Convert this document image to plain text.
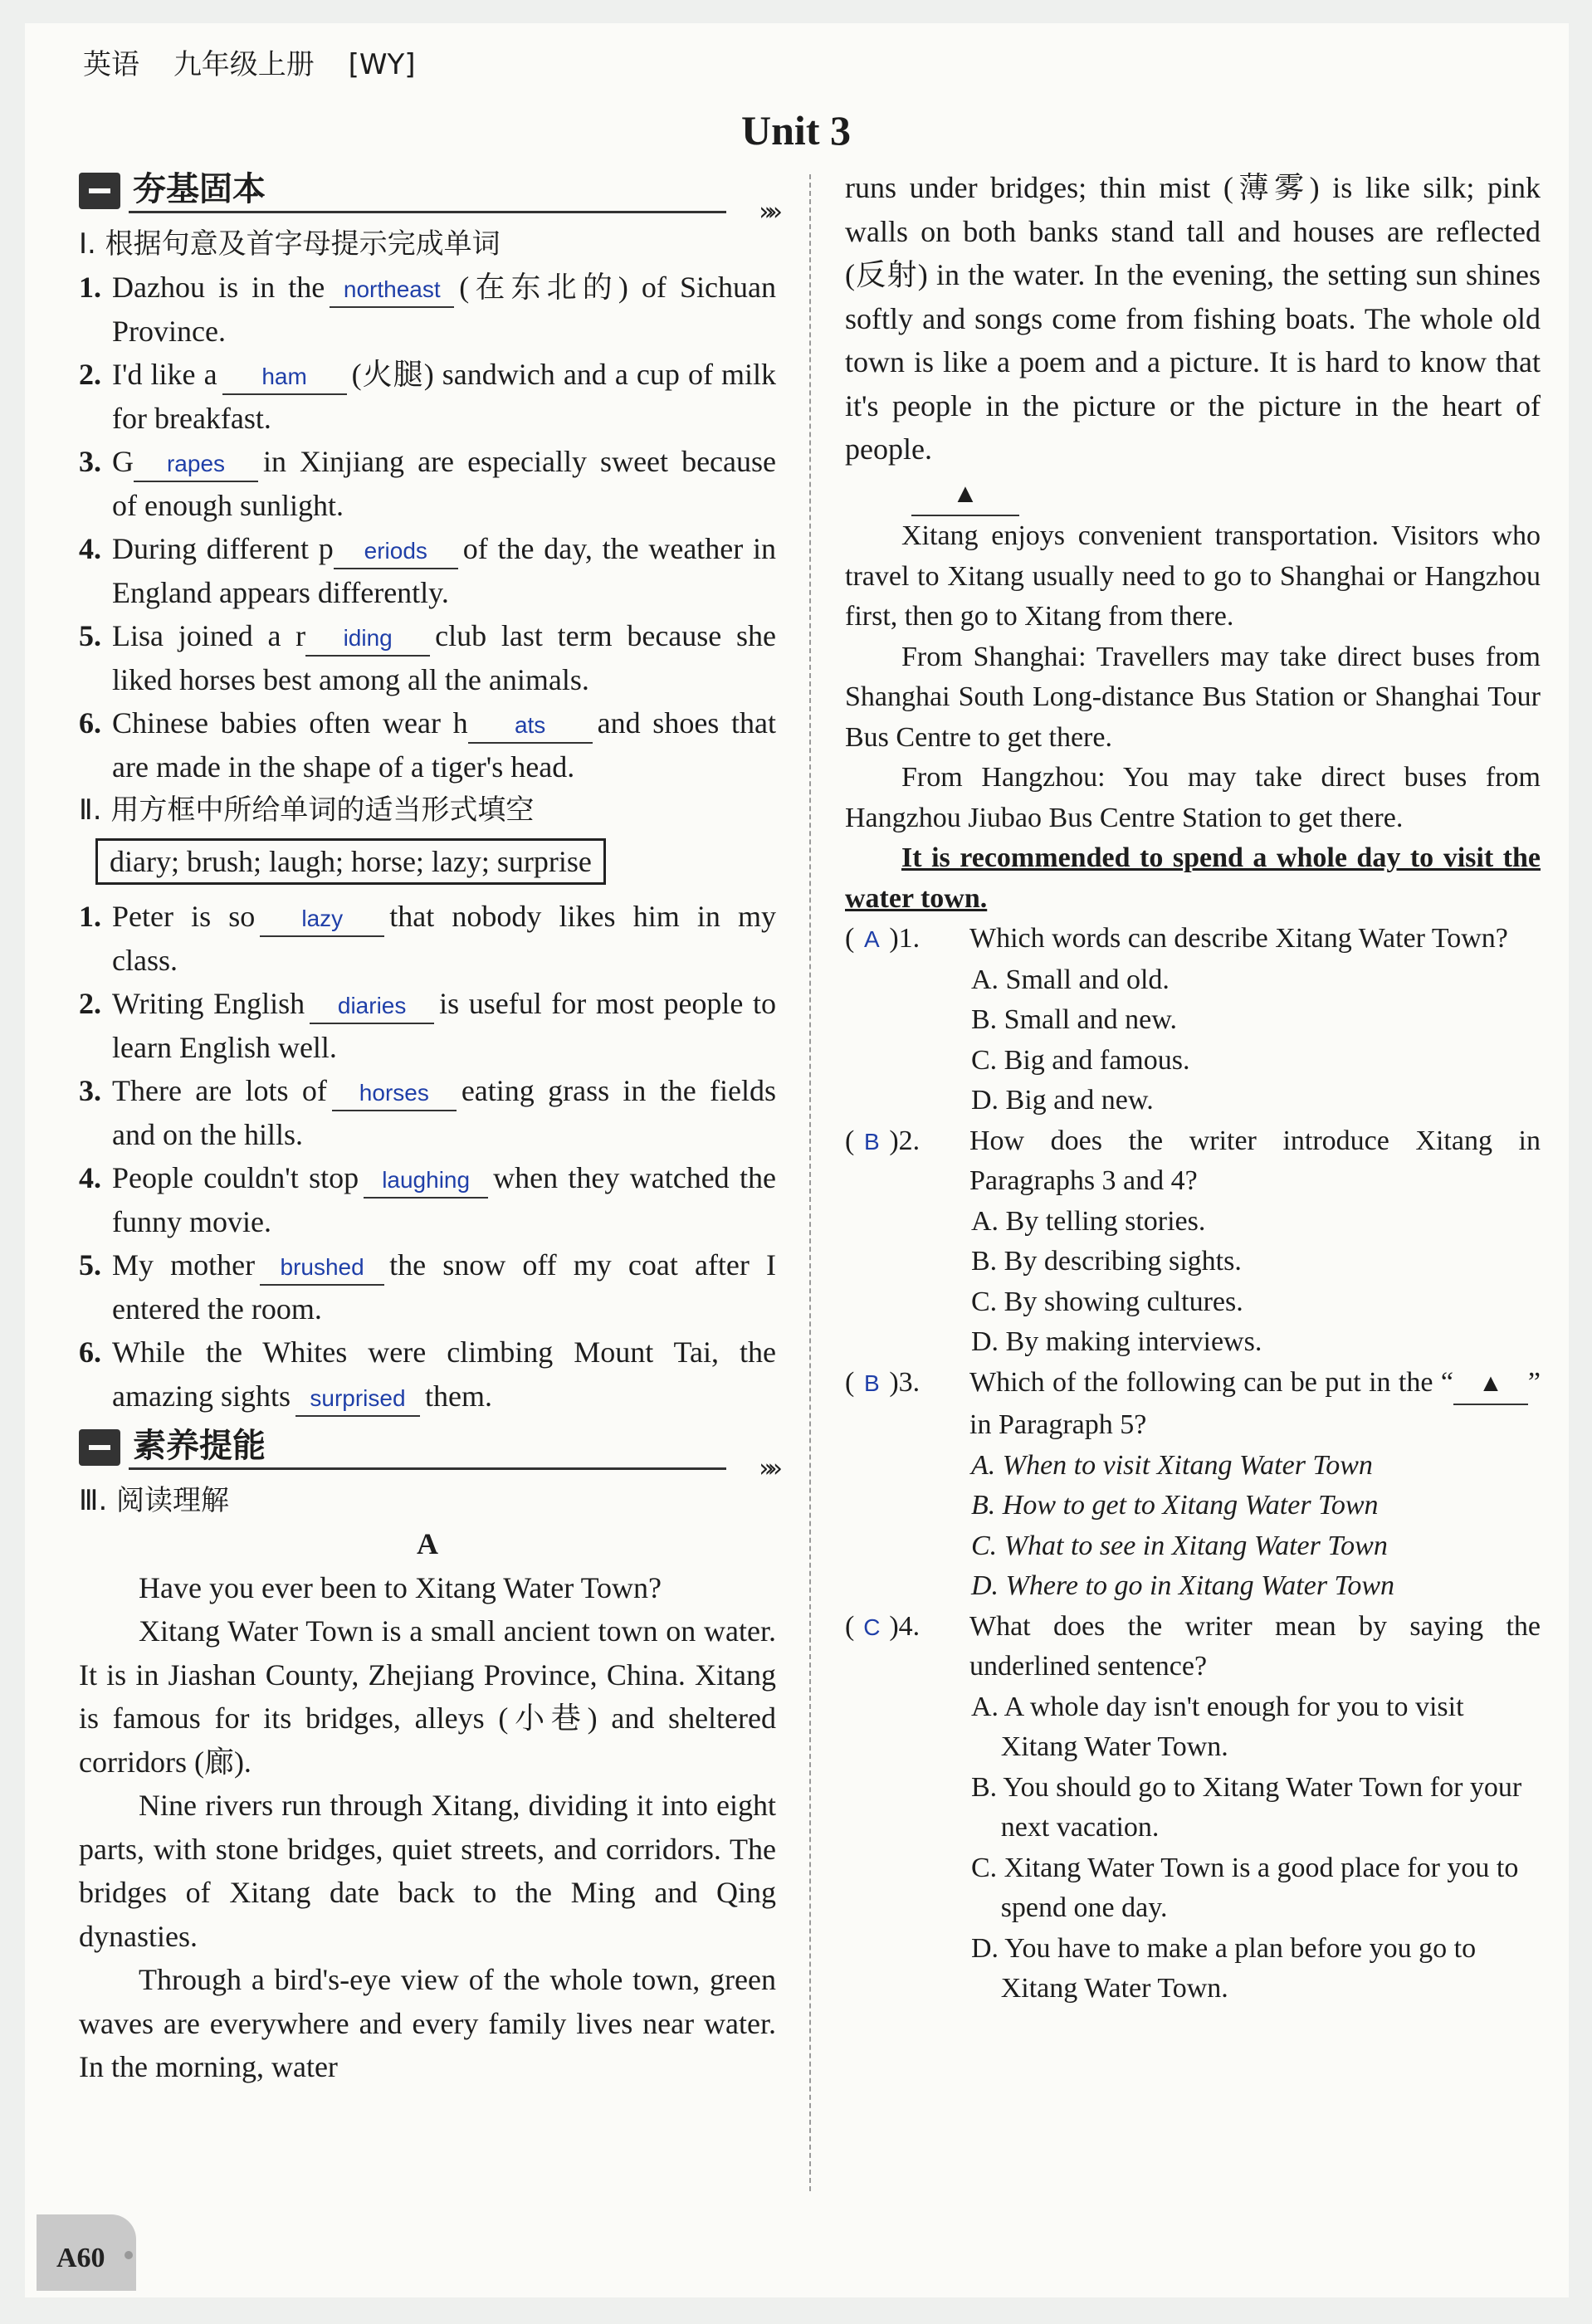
英语 九年级上册 [WY]
Unit 3
夯基固本
»»
Ⅰ. 根据句意及首字母提示完成单词
1. Dazhou is in the northeast (在东北的) of Sichuan Province.
2. I'd like a ham (火腿) sandwich and a cup of milk for breakfast.
3. G rapes in Xinjiang are especially sweet because of enough sunlight.
4. During different p eriods of the day, the weather in England appears differently.
5. Lisa joined a r iding club last term because she liked horses best among all the animals.
6. Chinese babies often wear h ats and shoes that are made in the shape of a tiger's head.
Ⅱ. 用方框中所给单词的适当形式填空
diary; brush; laugh; horse; lazy; surprise
1. Peter is so lazy that nobody likes him in my class.
2. Writing English diaries is useful for most people to learn English well.
3. There are lots of horses eating grass in the fields and on the hills.
4. People couldn't stop laughing when they watched the funny movie.
5. My mother brushed the snow off my coat after I entered the room.
6. While the Whites were climbing Mount Tai, the amazing sights surprised them.
素养提能
»»
Ⅲ. 阅读理解
A

Have you ever been to Xitang Water Town?

Xitang Water Town is a small ancient town on water. It is in Jiashan County, Zhejiang Province, China. Xitang is famous for its bridges, alleys (小巷) and sheltered corridors (廊).

Nine rivers run through Xitang, dividing it into eight parts, with stone bridges, quiet streets, and corridors. The bridges of Xitang date back to the Ming and Qing dynasties.

Through a bird's-eye view of the whole town, green waves are everywhere and every family lives near water. In the morning, water

runs under bridges; thin mist (薄雾) is like silk; pink walls on both banks stand tall and houses are reflected (反射) in the water. In the evening, the setting sun shines softly and songs come from fishing boats. The whole old town is like a poem and a picture. It is hard to know that it's people in the picture or the picture in the heart of people.

▲

Xitang enjoys convenient transportation. Visitors who travel to Xitang usually need to go to Shanghai or Hangzhou first, then go to Xitang from there.

From Shanghai: Travellers may take direct buses from Shanghai South Long-distance Bus Station or Shanghai Tour Bus Centre to get there.

From Hangzhou: You may take direct buses from Hangzhou Jiubao Bus Centre Station to get there.

It is recommended to spend a whole day to visit the water town.

( A )1.	Which words can describe Xitang Water Town?
A. Small and old.
B. Small and new.
C. Big and famous.
D. Big and new.
( B )2.	How does the writer introduce Xitang in Paragraphs 3 and 4?
A. By telling stories.
B. By describing sights.
C. By showing cultures.
D. By making interviews.
( B )3.	Which of the following can be put in the “ ▲ ” in Paragraph 5?
A. When to visit Xitang Water Town
B. How to get to Xitang Water Town
C. What to see in Xitang Water Town
D. Where to go in Xitang Water Town
( C )4.	What does the writer mean by saying the underlined sentence?
A. A whole day isn't enough for you to visit Xitang Water Town.
B. You should go to Xitang Water Town for your next vacation.
C. Xitang Water Town is a good place for you to spend one day.
D. You have to make a plan before you go to Xitang Water Town.
A60
